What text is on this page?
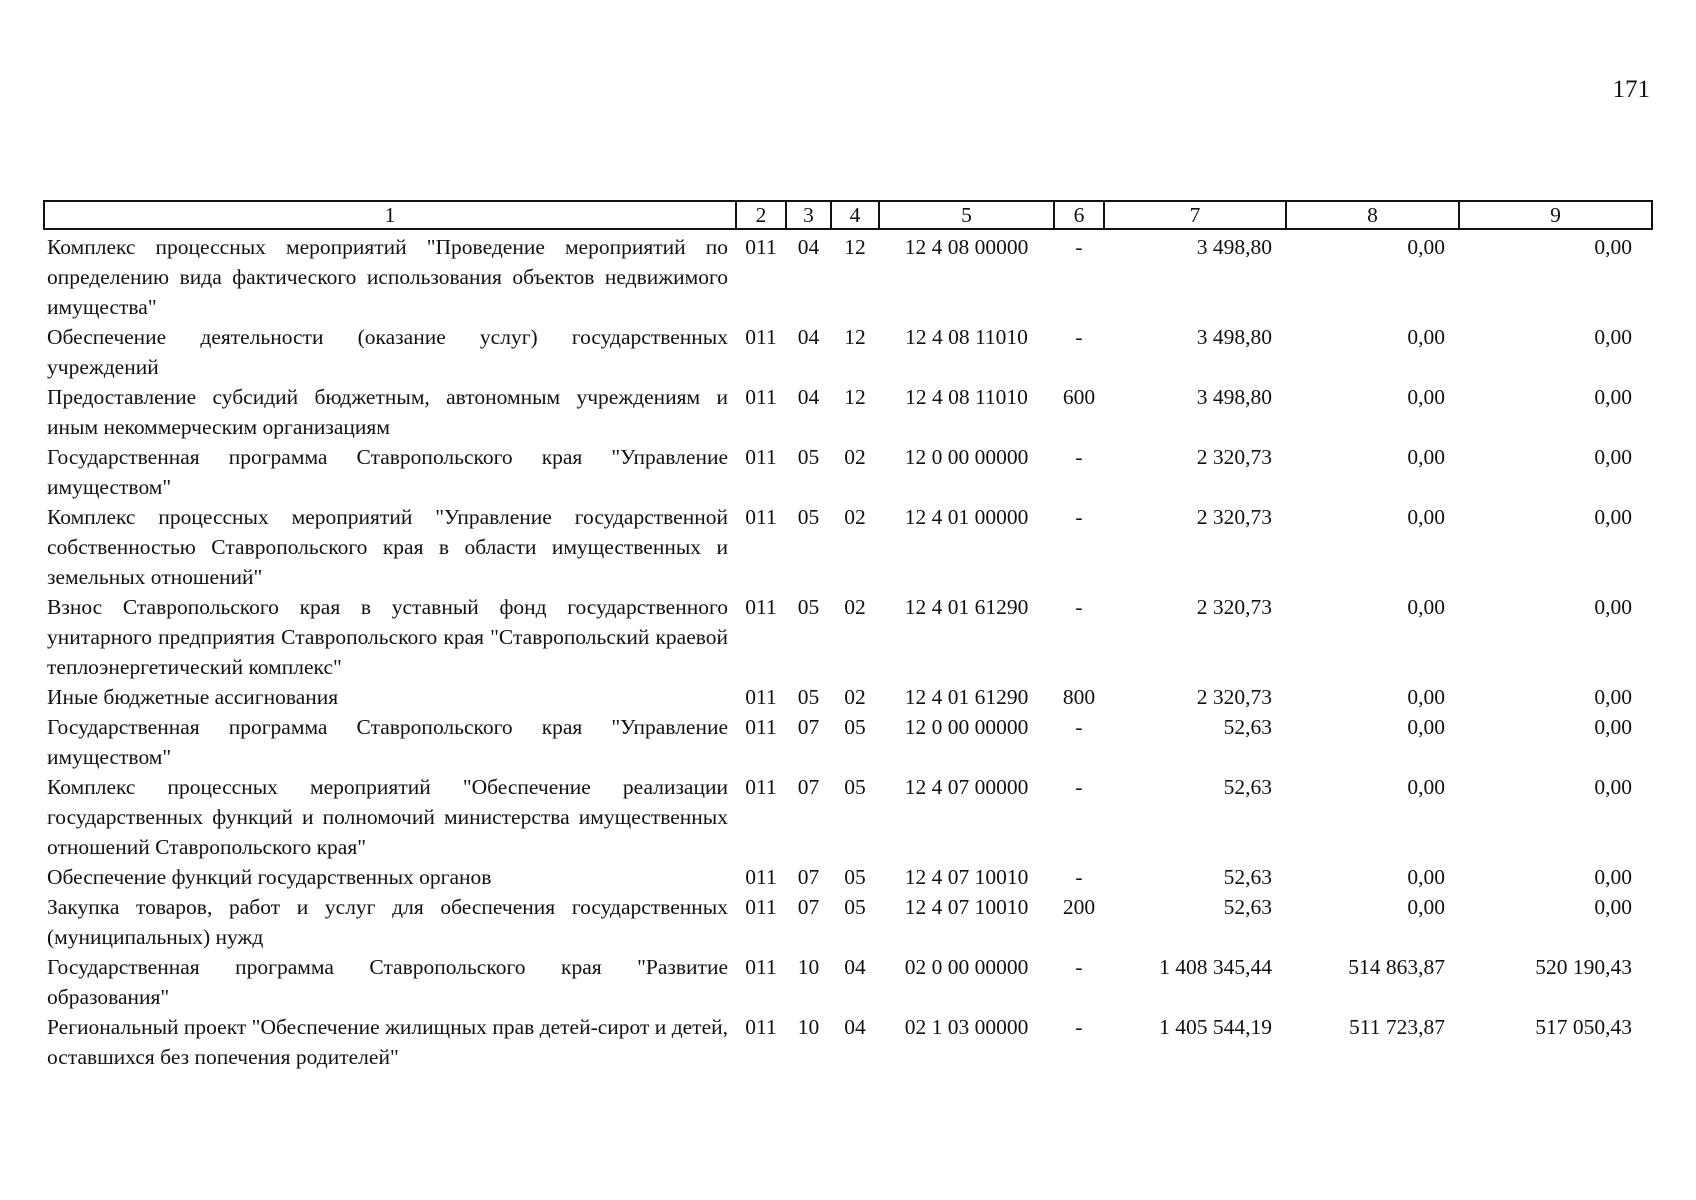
171
1	2	3	4	5	6	7	8	9
Комплекс процессных мероприятий "Проведение мероприятий по определению вида фактического использования объектов недвижимого имущества"	011	04	12	12 4 08 00000	-	3 498,80	0,00	0,00
Обеспечение деятельности (оказание услуг) государственных учреждений	011	04	12	12 4 08 11010	-	3 498,80	0,00	0,00
Предоставление субсидий бюджетным, автономным учреждениям и иным некоммерческим организациям	011	04	12	12 4 08 11010	600	3 498,80	0,00	0,00
Государственная программа Ставропольского края "Управление имуществом"	011	05	02	12 0 00 00000	-	2 320,73	0,00	0,00
Комплекс процессных мероприятий "Управление государственной собственностью Ставропольского края в области имущественных и земельных отношений"	011	05	02	12 4 01 00000	-	2 320,73	0,00	0,00
Взнос Ставропольского края в уставный фонд государственного унитарного предприятия Ставропольского края "Ставропольский краевой теплоэнергетический комплекс"	011	05	02	12 4 01 61290	-	2 320,73	0,00	0,00
Иные бюджетные ассигнования	011	05	02	12 4 01 61290	800	2 320,73	0,00	0,00
Государственная программа Ставропольского края "Управление имуществом"	011	07	05	12 0 00 00000	-	52,63	0,00	0,00
Комплекс процессных мероприятий "Обеспечение реализации государственных функций и полномочий министерства имущественных отношений Ставропольского края"	011	07	05	12 4 07 00000	-	52,63	0,00	0,00
Обеспечение функций государственных органов	011	07	05	12 4 07 10010	-	52,63	0,00	0,00
Закупка товаров, работ и услуг для обеспечения государственных (муниципальных) нужд	011	07	05	12 4 07 10010	200	52,63	0,00	0,00
Государственная программа Ставропольского края "Развитие образования"	011	10	04	02 0 00 00000	-	1 408 345,44	514 863,87	520 190,43
Региональный проект "Обеспечение жилищных прав детей-сирот и детей, оставшихся без попечения родителей"	011	10	04	02 1 03 00000	-	1 405 544,19	511 723,87	517 050,43
